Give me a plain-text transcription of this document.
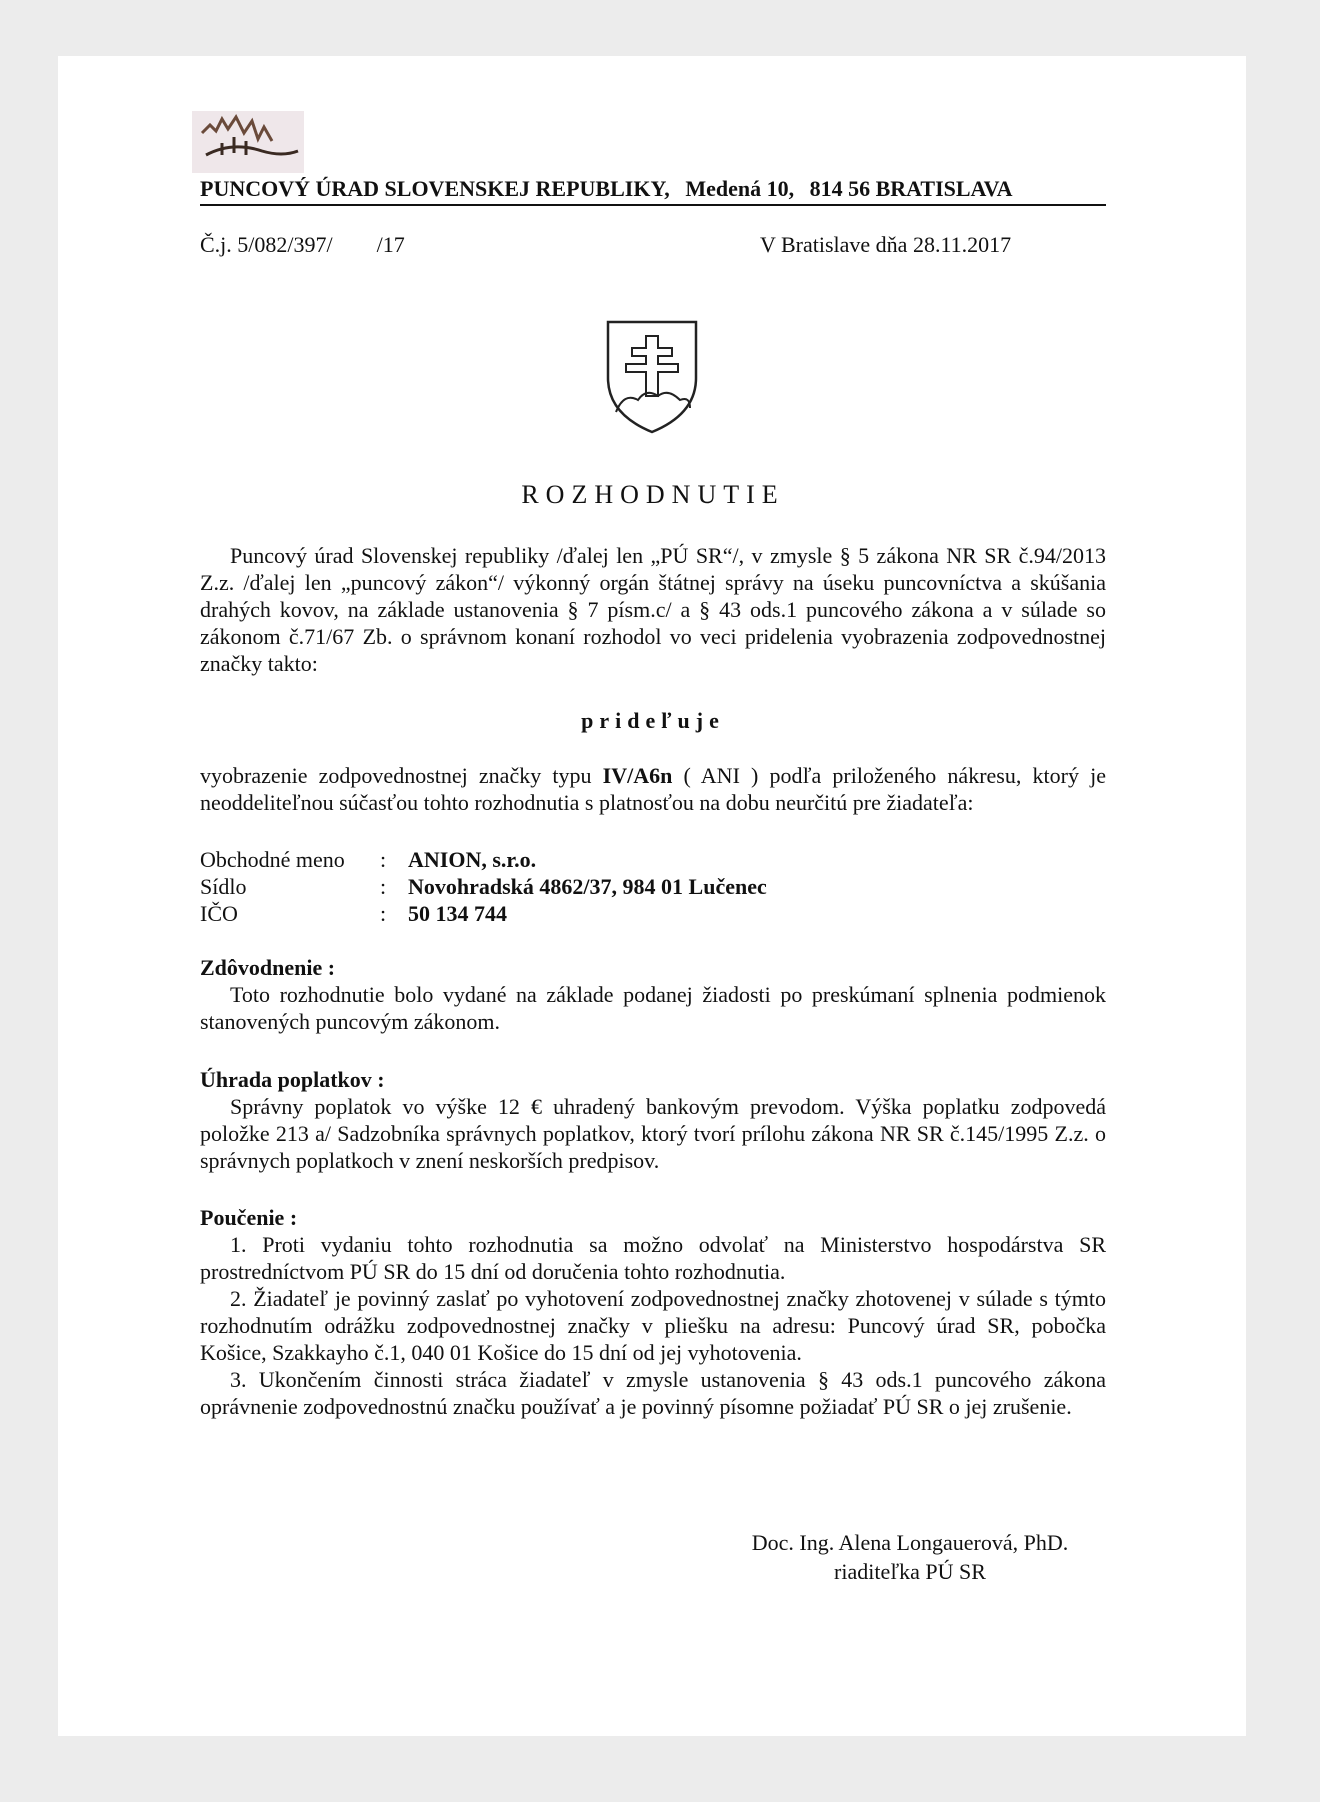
PUNCOVÝ ÚRAD SLOVENSKEJ REPUBLIKY, Medená 10, 814 56 BRATISLAVA
Č.j. 5/082/397/        /17	V Bratislave dňa 28.11.2017
ROZHODNUTIE
Puncový úrad Slovenskej republiky /ďalej len „PÚ SR“/, v zmysle § 5 zákona NR SR č.94/2013 Z.z. /ďalej len „puncový zákon“/ výkonný orgán štátnej správy na úseku puncovníctva a skúšania drahých kovov, na základe ustanovenia § 7 písm.c/ a § 43 ods.1 puncového zákona a v súlade so zákonom č.71/67 Zb. o správnom konaní rozhodol vo veci pridelenia vyobrazenia zodpovednostnej značky takto:
prideľuje
vyobrazenie zodpovednostnej značky typu IV/A6n ( ANI ) podľa priloženého nákresu, ktorý je neoddeliteľnou súčasťou tohto rozhodnutia s platnosťou na dobu neurčitú pre žiadateľa:
Obchodné meno	: ANION, s.r.o.
Sídlo	: Novohradská 4862/37, 984 01 Lučenec
IČO	: 50 134 744
Zdôvodnenie :
Toto rozhodnutie bolo vydané na základe podanej žiadosti po preskúmaní splnenia podmienok stanovených puncovým zákonom.
Úhrada poplatkov :
Správny poplatok vo výške 12 € uhradený bankovým prevodom. Výška poplatku zodpovedá položke 213 a/ Sadzobníka správnych poplatkov, ktorý tvorí prílohu zákona NR SR č.145/1995 Z.z. o správnych poplatkoch v znení neskorších predpisov.
Poučenie :
1. Proti vydaniu tohto rozhodnutia sa možno odvolať na Ministerstvo hospodárstva SR prostredníctvom PÚ SR do 15 dní od doručenia tohto rozhodnutia.
2. Žiadateľ je povinný zaslať po vyhotovení zodpovednostnej značky zhotovenej v súlade s týmto rozhodnutím odrážku zodpovednostnej značky v pliešku na adresu: Puncový úrad SR, pobočka Košice, Szakkayho č.1, 040 01 Košice do 15 dní od jej vyhotovenia.
3. Ukončením činnosti stráca žiadateľ v zmysle ustanovenia § 43 ods.1 puncového zákona oprávnenie zodpovednostnú značku používať a je povinný písomne požiadať PÚ SR o jej zrušenie.
Doc. Ing. Alena Longauerová, PhD.
riaditeľka PÚ SR
